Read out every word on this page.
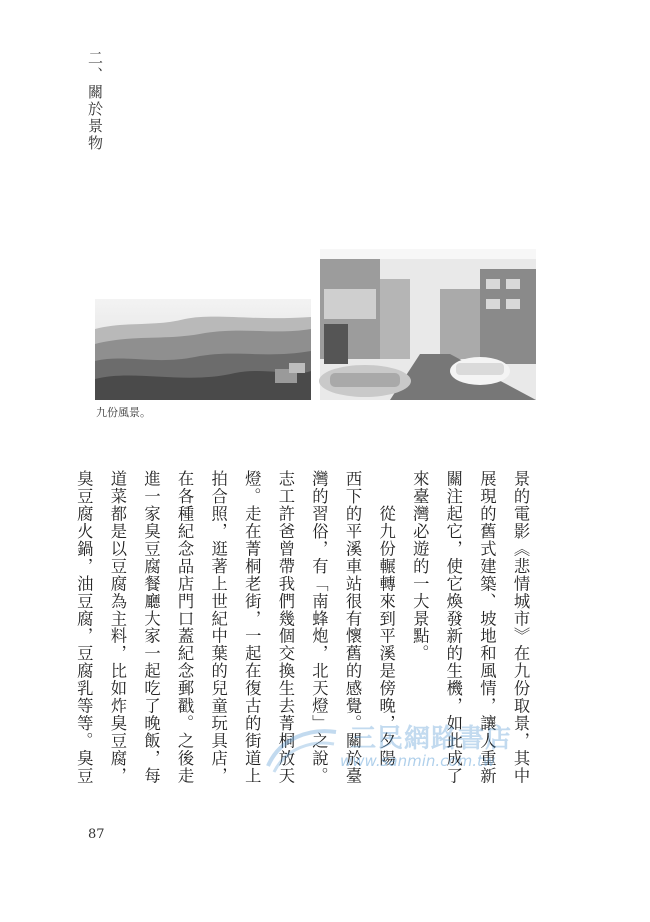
二、關於景物
九份風景。
景的電影《悲情城市》在九份取景，其中
展現的舊式建築、坡地和風情，讓人重新
關注起它，使它煥發新的生機，如此成了
來臺灣必遊的一大景點。
　　從九份輾轉來到平溪是傍晚，夕陽
西下的平溪車站很有懷舊的感覺。關於臺
灣的習俗，有「南蜂炮，北天燈」之說。
志工許爸曾帶我們幾個交換生去菁桐放天
燈。走在菁桐老街，一起在復古的街道上
拍合照，逛著上世紀中葉的兒童玩具店，
在各種紀念品店門口蓋紀念郵戳。之後走
進一家臭豆腐餐廳大家一起吃了晚飯，每
道菜都是以豆腐為主料，比如炸臭豆腐，
臭豆腐火鍋，油豆腐，豆腐乳等等。臭豆	三民網路書店
www.sanmin.com.tw
87
